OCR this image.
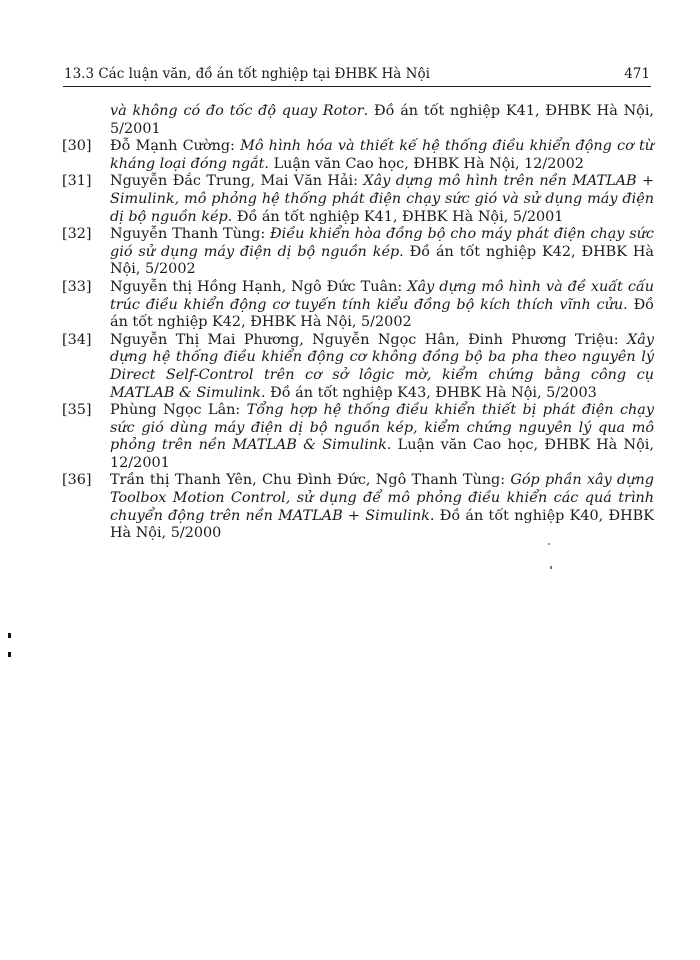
13.3 Các luận văn, đồ án tốt nghiệp tại ĐHBK Hà Nội	471

và không có đo tốc độ quay Rotor. Đồ án tốt nghiệp K41, ĐHBK Hà Nội, 5/2001

[30] Đỗ Mạnh Cường: Mô hình hóa và thiết kế hệ thống điều khiển động cơ từ kháng loại đóng ngắt. Luận văn Cao học, ĐHBK Hà Nội, 12/2002

[31] Nguyễn Đắc Trung, Mai Văn Hải: Xây dựng mô hình trên nền MATLAB + Simulink, mô phỏng hệ thống phát điện chạy sức gió và sử dụng máy điện dị bộ nguồn kép. Đồ án tốt nghiệp K41, ĐHBK Hà Nội, 5/2001

[32] Nguyễn Thanh Tùng: Điều khiển hòa đồng bộ cho máy phát điện chạy sức gió sử dụng máy điện dị bộ nguồn kép. Đồ án tốt nghiệp K42, ĐHBK Hà Nội, 5/2002

[33] Nguyễn thị Hồng Hạnh, Ngô Đức Tuân: Xây dựng mô hình và đề xuất cấu trúc điều khiển động cơ tuyến tính kiểu đồng bộ kích thích vĩnh cửu. Đồ án tốt nghiệp K42, ĐHBK Hà Nội, 5/2002

[34] Nguyễn Thị Mai Phương, Nguyễn Ngọc Hân, Đinh Phương Triệu: Xây dựng hệ thống điều khiển động cơ không đồng bộ ba pha theo nguyên lý Direct Self-Control trên cơ sở lôgic mờ, kiểm chứng bằng công cụ MATLAB & Simulink. Đồ án tốt nghiệp K43, ĐHBK Hà Nội, 5/2003

[35] Phùng Ngọc Lân: Tổng hợp hệ thống điều khiển thiết bị phát điện chạy sức gió dùng máy điện dị bộ nguồn kép, kiểm chứng nguyên lý qua mô phỏng trên nền MATLAB & Simulink. Luận văn Cao học, ĐHBK Hà Nội, 12/2001

[36] Trần thị Thanh Yên, Chu Đình Đức, Ngô Thanh Tùng: Góp phần xây dựng Toolbox Motion Control, sử dụng để mô phỏng điều khiển các quá trình chuyển động trên nền MATLAB + Simulink. Đồ án tốt nghiệp K40, ĐHBK Hà Nội, 5/2000
